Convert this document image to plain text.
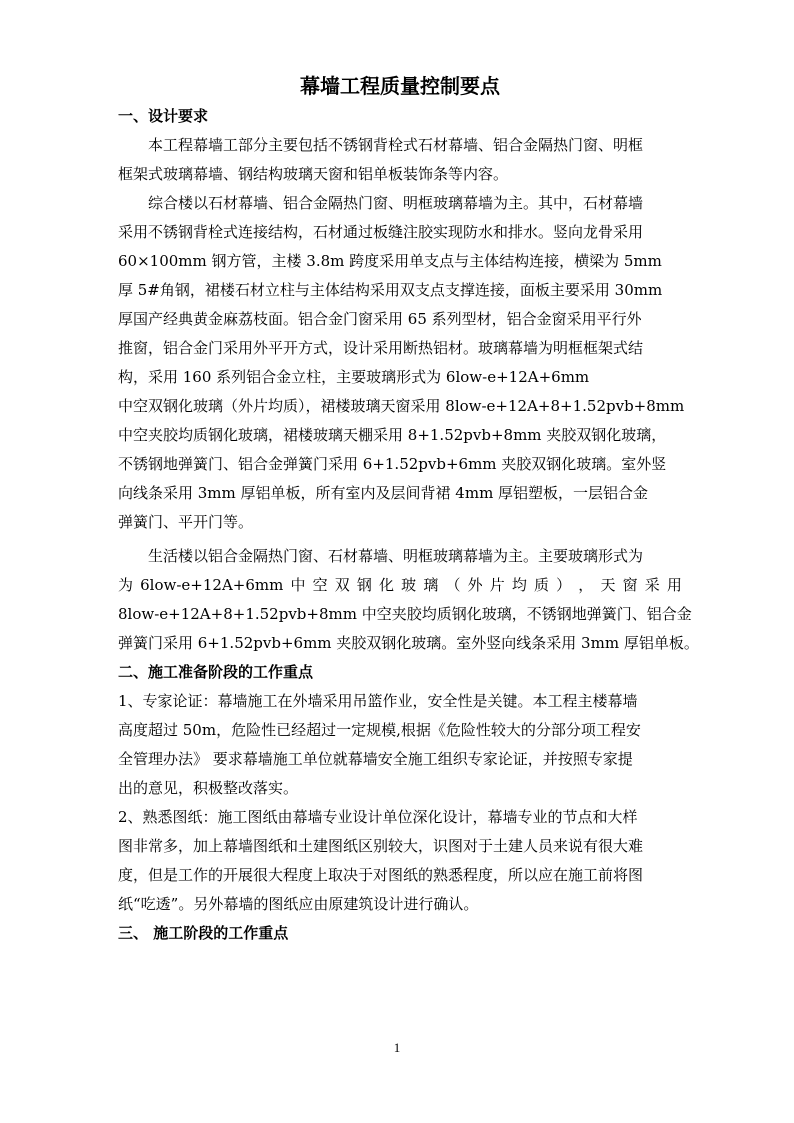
幕墙工程质量控制要点
一、设计要求

本工程幕墙工部分主要包括不锈钢背栓式石材幕墙、铝合金隔热门窗、明框
框架式玻璃幕墙、钢结构玻璃天窗和铝单板装饰条等内容。

综合楼以石材幕墙、铝合金隔热门窗、明框玻璃幕墙为主。其中，石材幕墙
采用不锈钢背栓式连接结构，石材通过板缝注胶实现防水和排水。竖向龙骨采用
60×100mm 钢方管，主楼 3.8m 跨度采用单支点与主体结构连接，横梁为 5mm
厚 5#角钢，裙楼石材立柱与主体结构采用双支点支撑连接，面板主要采用 30mm
厚国产经典黄金麻荔枝面。铝合金门窗采用 65 系列型材，铝合金窗采用平行外
推窗，铝合金门采用外平开方式，设计采用断热铝材。玻璃幕墙为明框框架式结
构，采用 160 系列铝合金立柱，主要玻璃形式为 6low-e+12A+6mm
中空双钢化玻璃（外片均质），裙楼玻璃天窗采用 8low-e+12A+8+1.52pvb+8mm
中空夹胶均质钢化玻璃，裙楼玻璃天棚采用 8+1.52pvb+8mm 夹胶双钢化玻璃，
不锈钢地弹簧门、铝合金弹簧门采用 6+1.52pvb+6mm 夹胶双钢化玻璃。室外竖
向线条采用 3mm 厚铝单板，所有室内及层间背裙 4mm 厚铝塑板，一层铝合金
弹簧门、平开门等。

生活楼以铝合金隔热门窗、石材幕墙、明框玻璃幕墙为主。主要玻璃形式为
为 6low-e+12A+6mm 中 空 双 钢 化 玻 璃 （ 外 片 均 质 ） ， 天 窗 采 用
8low-e+12A+8+1.52pvb+8mm 中空夹胶均质钢化玻璃，不锈钢地弹簧门、铝合金
弹簧门采用 6+1.52pvb+6mm 夹胶双钢化玻璃。室外竖向线条采用 3mm 厚铝单板。

二、施工准备阶段的工作重点

1、专家论证：幕墙施工在外墙采用吊篮作业，安全性是关键。本工程主楼幕墙
高度超过 50m，危险性已经超过一定规模,根据《危险性较大的分部分项工程安
全管理办法》 要求幕墙施工单位就幕墙安全施工组织专家论证，并按照专家提
出的意见，积极整改落实。

2、熟悉图纸：施工图纸由幕墙专业设计单位深化设计，幕墙专业的节点和大样
图非常多，加上幕墙图纸和土建图纸区别较大，识图对于土建人员来说有很大难
度，但是工作的开展很大程度上取决于对图纸的熟悉程度，所以应在施工前将图
纸“吃透”。另外幕墙的图纸应由原建筑设计进行确认。

三、 施工阶段的工作重点
1
